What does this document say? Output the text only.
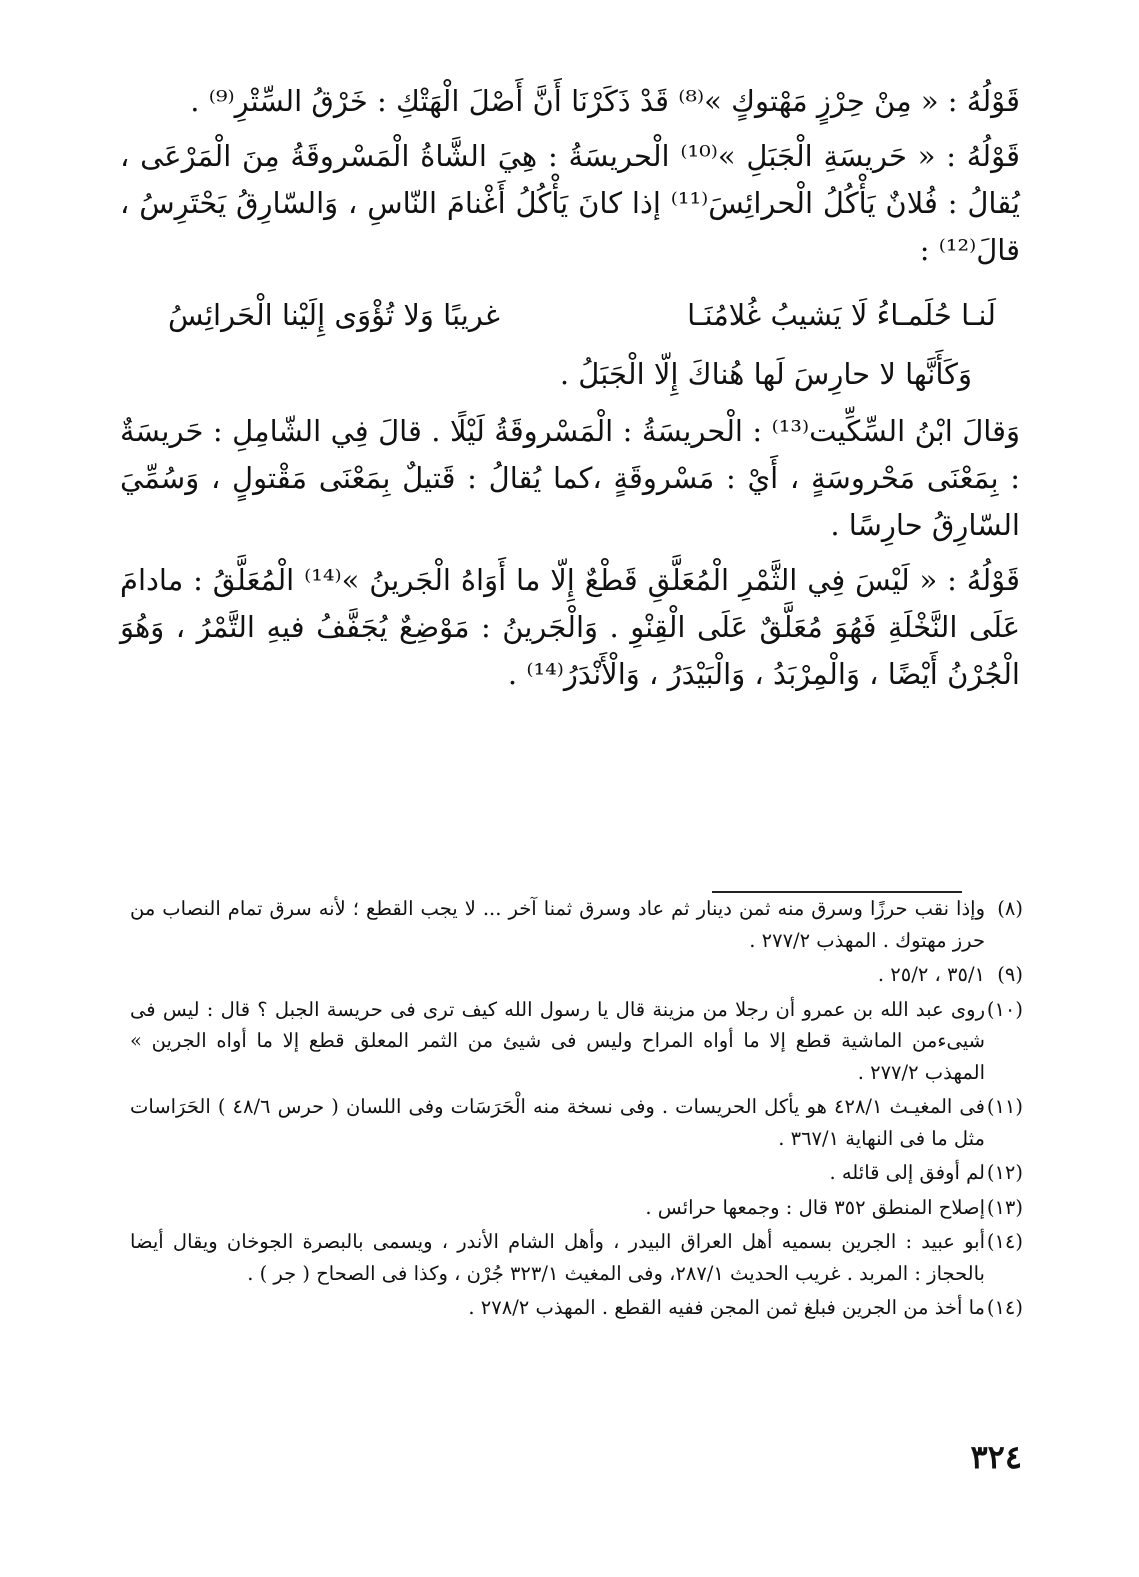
قَوْلُهُ : « مِنْ حِرْزٍ مَهْتوكٍ »⁽⁸⁾ قَدْ ذَكَرْنَا أَنَّ أَصْلَ الْهَتْكِ : خَرْقُ السِّتْرِ⁽⁹⁾ .

قَوْلُهُ : « حَريسَةِ الْجَبَلِ »⁽¹⁰⁾ الْحريسَةُ : هِيَ الشَّاةُ الْمَسْروقَةُ مِنَ الْمَرْعَى ، يُقالُ : فُلانٌ يَأْكُلُ الْحرائِسَ⁽¹¹⁾ إذا كانَ يَأْكُلُ أَغْنامَ النّاسِ ، وَالسّارِقُ يَحْتَرِسُ ، قالَ⁽¹²⁾ :

لَنـا حُلَمـاءُ لَا يَشيبُ غُلامُنَـا
غريبًا وَلا تُؤْوَى إِلَيْنا الْحَرائِسُ
وَكَأَنَّها لا حارِسَ لَها هُناكَ إِلّا الْجَبَلُ .

وَقالَ ابْنُ السِّكِّيت⁽¹³⁾ : الْحريسَةُ : الْمَسْروقَةُ لَيْلًا . قالَ فِي الشّامِلِ : حَريسَةٌ : بِمَعْنَى مَحْروسَةٍ ، أَيْ : مَسْروقَةٍ ،كما يُقالُ : قَتيلٌ بِمَعْنَى مَقْتولٍ ، وَسُمِّيَ السّارِقُ حارِسًا .

قَوْلُهُ : « لَيْسَ فِي الثَّمْرِ الْمُعَلَّقِ قَطْعٌ إِلّا ما أَوَاهُ الْجَرينُ »⁽¹⁴⁾ الْمُعَلَّقُ : مادامَ عَلَى النَّخْلَةِ فَهُوَ مُعَلَّقٌ عَلَى الْقِنْوِ . وَالْجَرينُ : مَوْضِعٌ يُجَفَّفُ فيهِ التَّمْرُ ، وَهُوَ الْجُرْنُ أَيْضًا ، وَالْمِرْبَدُ ، وَالْبَيْدَرُ ، وَالْأَنْدَرُ⁽¹⁴⁾ .

(٨)
وإذا نقب حرزًا وسرق منه ثمن دينار ثم عاد وسرق ثمنا آخر ... لا يجب القطع ؛ لأنه سرق تمام النصاب من حرز مهتوك . المهذب ٢٧٧/٢ .
(٩)
٣٥/١ ، ٢٥/٢ .
(١٠)
روى عبد الله بن عمرو أن رجلا من مزينة قال يا رسول الله كيف ترى فى حريسة الجبل ؟ قال : ليس فى شيىءمن الماشية قطع إلا ما أواه المراح وليس فى شيئ من الثمر المعلق قطع إلا ما أواه الجرين » المهذب ٢٧٧/٢ .
(١١)
فى المغيـث ٤٢٨/١ هو يأكل الحريسات . وفى نسخة منه الْحَرَسَات وفى اللسان ( حرس ٤٨/٦ ) الحَرَاسات مثل ما فى النهاية ٣٦٧/١ .
(١٢)
لم أوفق إلى قائله .
(١٣)
إصلاح المنطق ٣٥٢ قال : وجمعها حرائس .
(١٤)
أبو عبيد : الجرين بسميه أهل العراق البيدر ، وأهل الشام الأندر ، ويسمى بالبصرة الجوخان ويقال أيضا بالحجاز : المربد . غريب الحديث ٢٨٧/١، وفى المغيث ٣٢٣/١ جُرْن ، وكذا فى الصحاح ( جر ) .
(١٤)
ما أخذ من الجرين فبلغ ثمن المجن ففيه القطع . المهذب ٢٧٨/٢ .
٣٢٤
